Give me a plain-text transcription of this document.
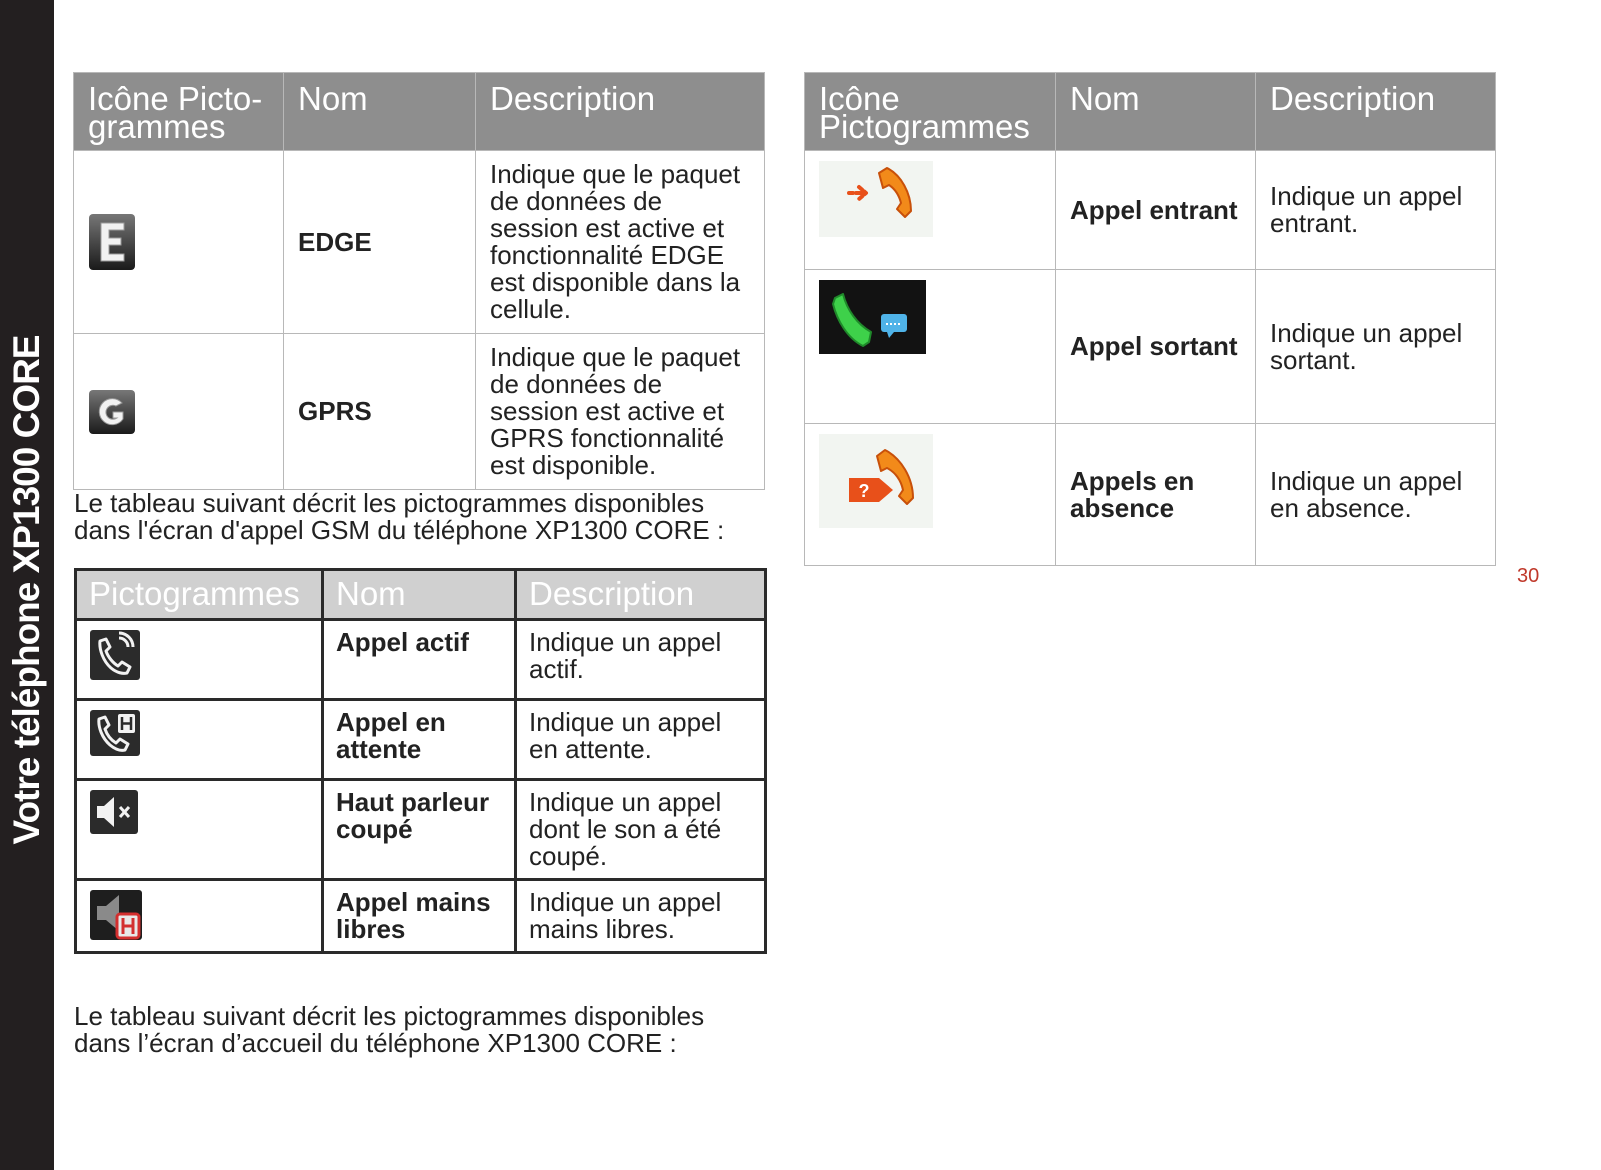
Votre téléphone XP1300 CORE
Icône Picto-grammes	Nom	Description

	EDGE	Indique que le paquet de données de session est active et fonctionnalité EDGE est disponible dans la cellule.

	GPRS	Indique que le paquet de données de session est active et GPRS fonctionnalité est disponible.

Le tableau suivant décrit les pictogrammes disponibles dans l'écran d'appel GSM du téléphone XP1300 CORE :

Pictogrammes	Nom	Description

	Appel actif	Indique un appel actif.

	Appel en attente	Indique un appel en attente.

	Haut parleur coupé	Indique un appel dont le son a été coupé.

	Appel mains libres	Indique un appel mains libres.

Le tableau suivant décrit les pictogrammes disponibles dans l’écran d’accueil du téléphone XP1300 CORE :

Icône Pictogrammes	Nom	Description

	Appel entrant	Indique un appel entrant.

	Appel sortant	Indique un appel sortant.

?	Appels en absence	Indique un appel en absence.
30
